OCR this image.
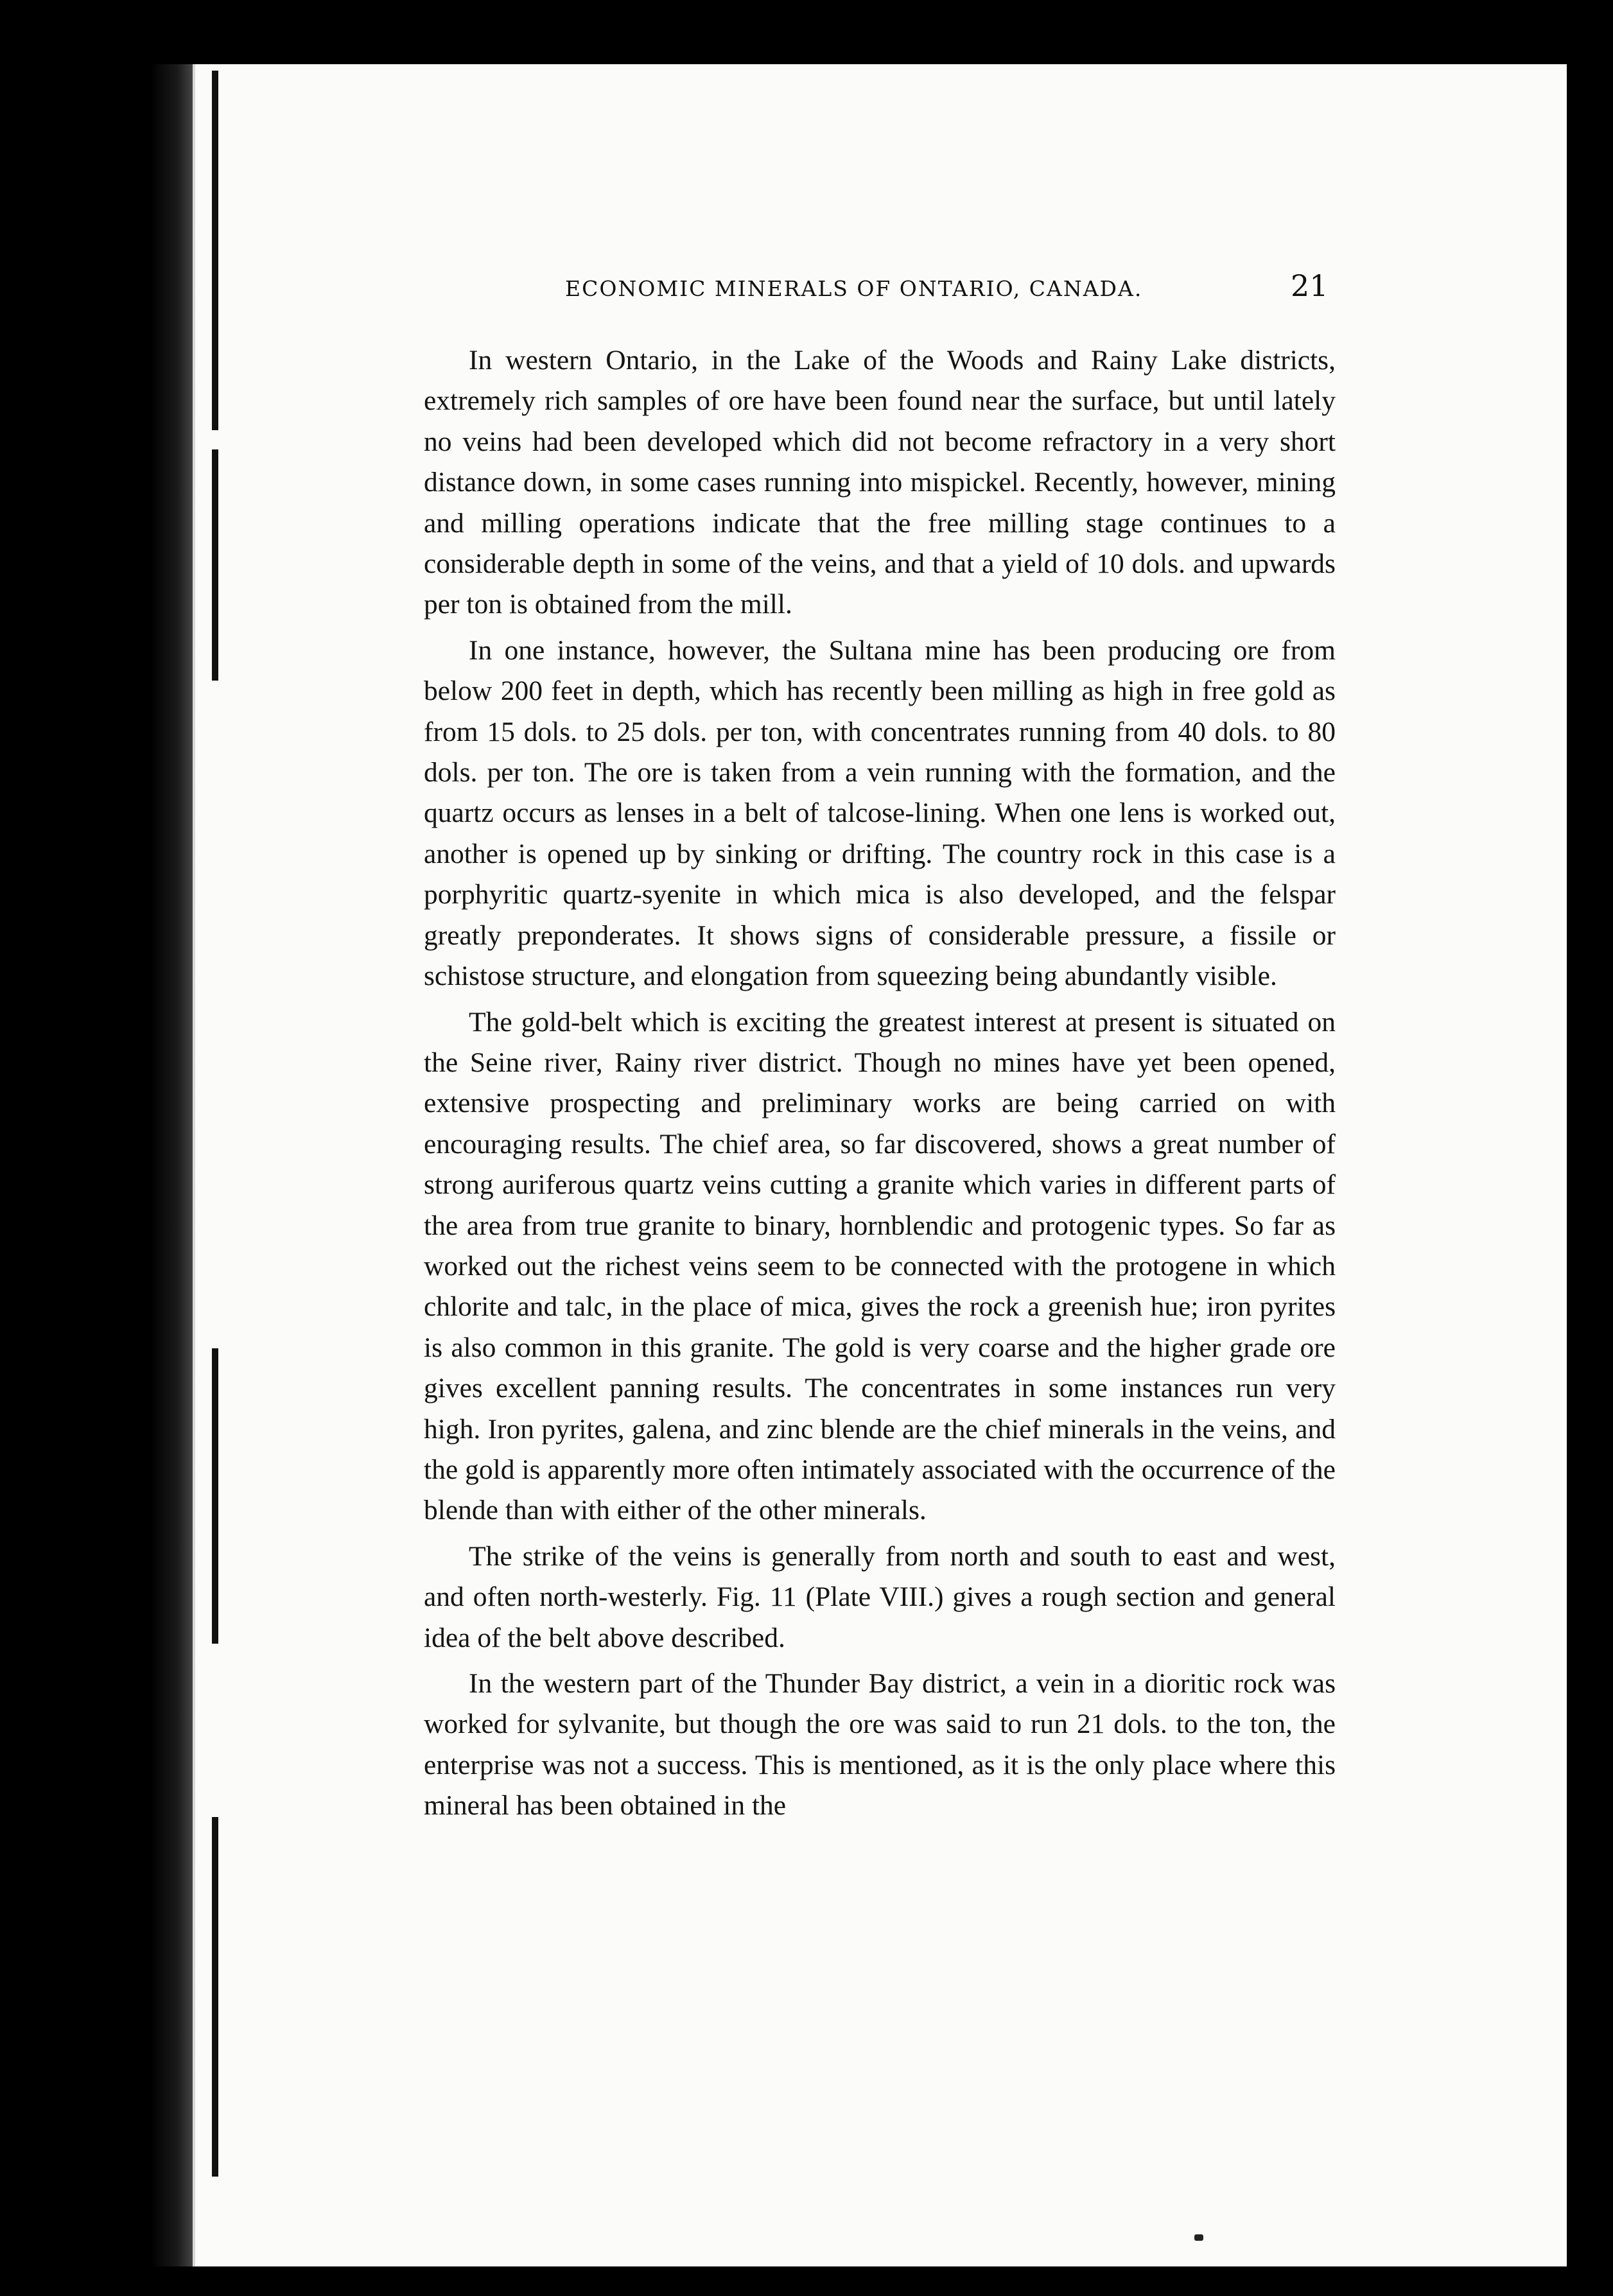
ECONOMIC MINERALS OF ONTARIO, CANADA.	21

In western Ontario, in the Lake of the Woods and Rainy Lake districts, extremely rich samples of ore have been found near the surface, but until lately no veins had been developed which did not become refractory in a very short distance down, in some cases running into mispickel. Recently, however, mining and milling operations indicate that the free milling stage continues to a considerable depth in some of the veins, and that a yield of 10 dols. and upwards per ton is obtained from the mill.

In one instance, however, the Sultana mine has been producing ore from below 200 feet in depth, which has recently been milling as high in free gold as from 15 dols. to 25 dols. per ton, with concentrates running from 40 dols. to 80 dols. per ton. The ore is taken from a vein running with the formation, and the quartz occurs as lenses in a belt of talcose-lining. When one lens is worked out, another is opened up by sinking or drifting. The country rock in this case is a porphyritic quartz-syenite in which mica is also developed, and the felspar greatly preponderates. It shows signs of considerable pressure, a fissile or schistose structure, and elongation from squeezing being abundantly visible.

The gold-belt which is exciting the greatest interest at present is situated on the Seine river, Rainy river district. Though no mines have yet been opened, extensive prospecting and preliminary works are being carried on with encouraging results. The chief area, so far discovered, shows a great number of strong auriferous quartz veins cutting a granite which varies in different parts of the area from true granite to binary, hornblendic and protogenic types. So far as worked out the richest veins seem to be connected with the protogene in which chlorite and talc, in the place of mica, gives the rock a greenish hue; iron pyrites is also common in this granite. The gold is very coarse and the higher grade ore gives excellent panning results. The concentrates in some instances run very high. Iron pyrites, galena, and zinc blende are the chief minerals in the veins, and the gold is apparently more often intimately associated with the occurrence of the blende than with either of the other minerals.

The strike of the veins is generally from north and south to east and west, and often north-westerly. Fig. 11 (Plate VIII.) gives a rough section and general idea of the belt above described.

In the western part of the Thunder Bay district, a vein in a dioritic rock was worked for sylvanite, but though the ore was said to run 21 dols. to the ton, the enterprise was not a success. This is mentioned, as it is the only place where this mineral has been obtained in the
